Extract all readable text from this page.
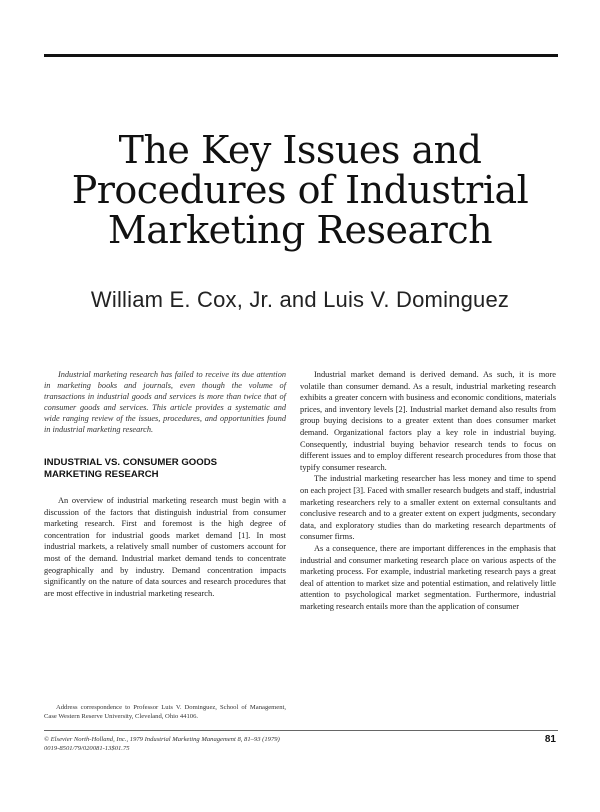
The Key Issues and
Procedures of Industrial
Marketing Research
William E. Cox, Jr. and Luis V. Dominguez

Industrial marketing research has failed to receive its due attention in marketing books and journals, even though the volume of transactions in industrial goods and services is more than twice that of consumer goods and services. This article provides a systematic and wide ranging review of the issues, procedures, and opportunities found in industrial marketing research.

INDUSTRIAL VS. CONSUMER GOODS MARKETING RESEARCH

An overview of industrial marketing research must begin with a discussion of the factors that distinguish industrial from consumer marketing research. First and foremost is the high degree of concentration for industrial goods market demand [1]. In most industrial markets, a relatively small number of customers account for most of the demand. Industrial market demand tends to concentrate geographically and by industry. Demand concentration impacts significantly on the nature of data sources and research procedures that are most effective in industrial marketing research.

Industrial market demand is derived demand. As such, it is more volatile than consumer demand. As a result, industrial marketing research exhibits a greater concern with business and economic conditions, materials prices, and inventory levels [2]. Industrial market demand also results from group buying decisions to a greater extent than does consumer market demand. Organizational factors play a key role in industrial buying. Consequently, industrial buying behavior research tends to focus on different issues and to employ different research procedures from those that typify consumer research.

The industrial marketing researcher has less money and time to spend on each project [3]. Faced with smaller research budgets and staff, industrial marketing researchers rely to a smaller extent on external consultants and conclusive research and to a greater extent on expert judgments, secondary data, and exploratory studies than do marketing research departments of consumer firms.

As a consequence, there are important differences in the emphasis that industrial and consumer marketing research place on various aspects of the marketing process. For example, industrial marketing research pays a great deal of attention to market size and potential estimation, and relatively little attention to psychological market segmentation. Furthermore, industrial marketing research entails more than the application of consumer

Address correspondence to Professor Luis V. Dominguez, School of Management, Case Western Reserve University, Cleveland, Ohio 44106.
© Elsevier North-Holland, Inc., 1979 Industrial Marketing Management 8, 81–93 (1979)
0019-8501/79/020081-13$01.75
81
